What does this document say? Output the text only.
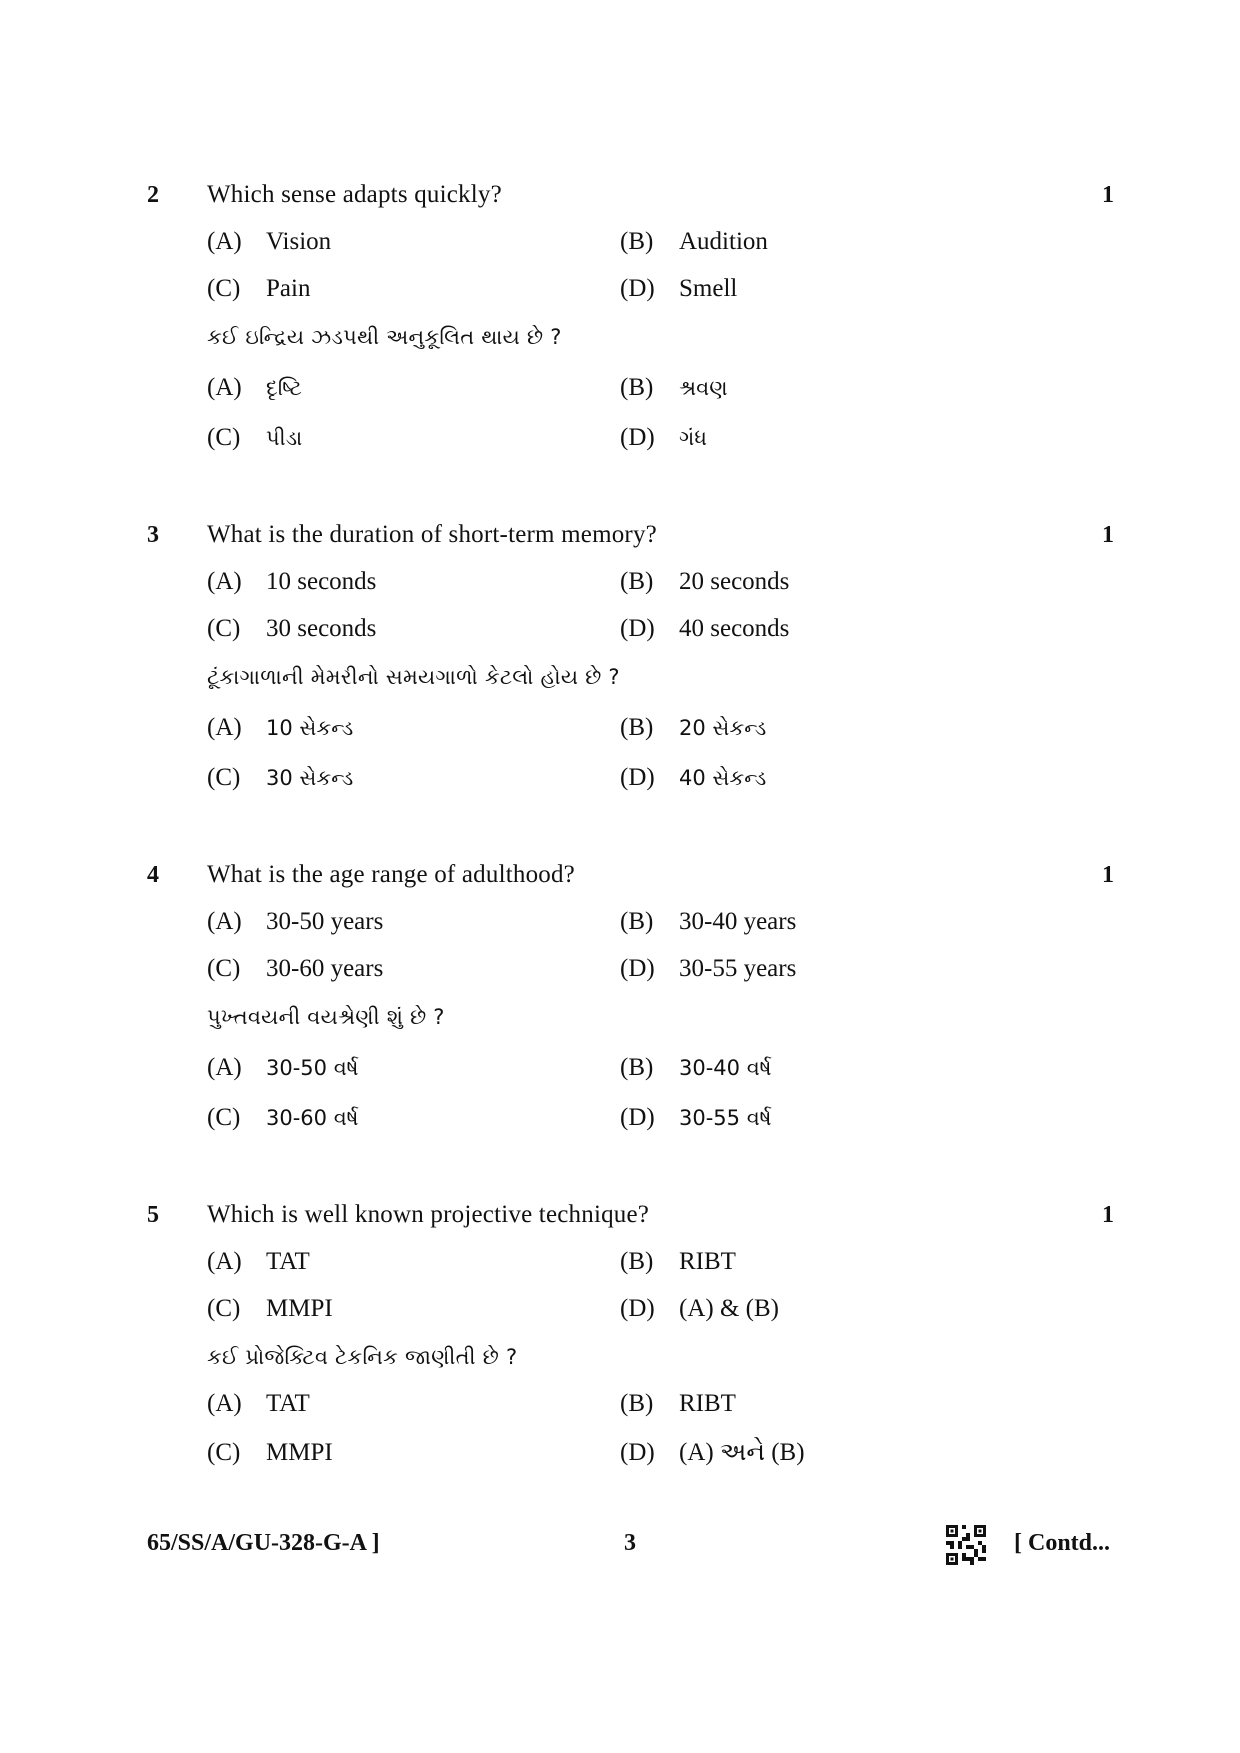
2 Which sense adapts quickly?	1
(A) Vision	(B) Audition
(C) Pain	(D) Smell
કઈ ઇન્દ્રિય ઝડપથી અનુકૂલિત થાય છે ?
(A) દૃષ્ટિ	(B) શ્રવણ
(C) પીડા	(D) ગંધ
3 What is the duration of short-term memory?	1
(A) 10 seconds	(B) 20 seconds
(C) 30 seconds	(D) 40 seconds
ટૂંકાગાળાની મેમરીનો સમયગાળો કેટલો હોય છે ?
(A) 10 સેકન્ડ	(B) 20 સેકન્ડ
(C) 30 સેકન્ડ	(D) 40 સેકન્ડ
4 What is the age range of adulthood?	1
(A) 30-50 years	(B) 30-40 years
(C) 30-60 years	(D) 30-55 years
પુખ્તવયની વયશ્રેણી શું છે ?
(A) 30-50 વર્ષ	(B) 30-40 વર્ષ
(C) 30-60 વર્ષ	(D) 30-55 વર્ષ
5 Which is well known projective technique?	1
(A) TAT	(B) RIBT
(C) MMPI	(D) (A) & (B)
કઈ પ્રોજેક્ટિવ ટેકનિક જાણીતી છે ?
(A) TAT	(B) RIBT
(C) MMPI	(D) (A) અને (B)
65/SS/A/GU-328-G-A ]	3	[ Contd...
